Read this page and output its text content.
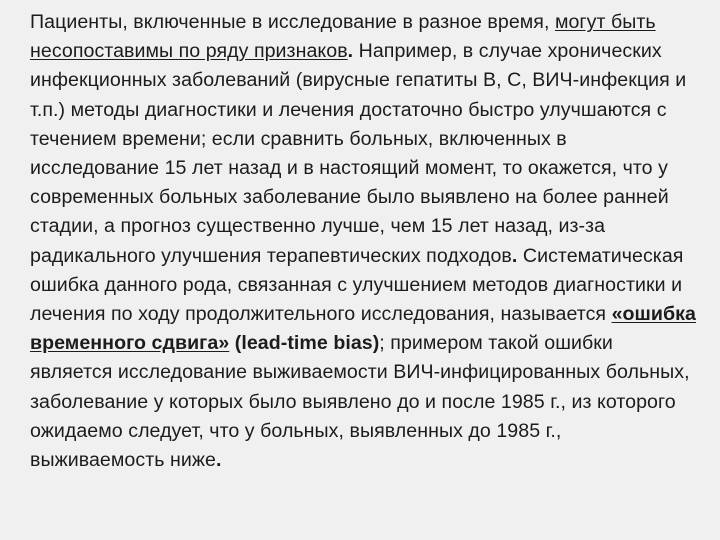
Пациенты, включенные в исследование в разное время, могут быть несопоставимы по ряду признаков. Например, в случае хронических инфекционных заболеваний (вирусные гепатиты В, С, ВИЧ-инфекция и т.п.) методы диагностики и лечения достаточно быстро улучшаются с течением времени; если сравнить больных, включенных в исследование 15 лет назад и в настоящий момент, то окажется, что у современных больных заболевание было выявлено на более ранней стадии, а прогноз существенно лучше, чем 15 лет назад, из-за радикального улучшения терапевтических подходов. Систематическая ошибка данного рода, связанная с улучшением методов диагностики и лечения по ходу продолжительного исследования, называется «ошибка временного сдвига» (lead-time bias); примером такой ошибки является исследование выживаемости ВИЧ-инфицированных больных, заболевание у которых было выявлено до и после 1985 г., из которого ожидаемо следует, что у больных, выявленных до 1985 г., выживаемость ниже.
